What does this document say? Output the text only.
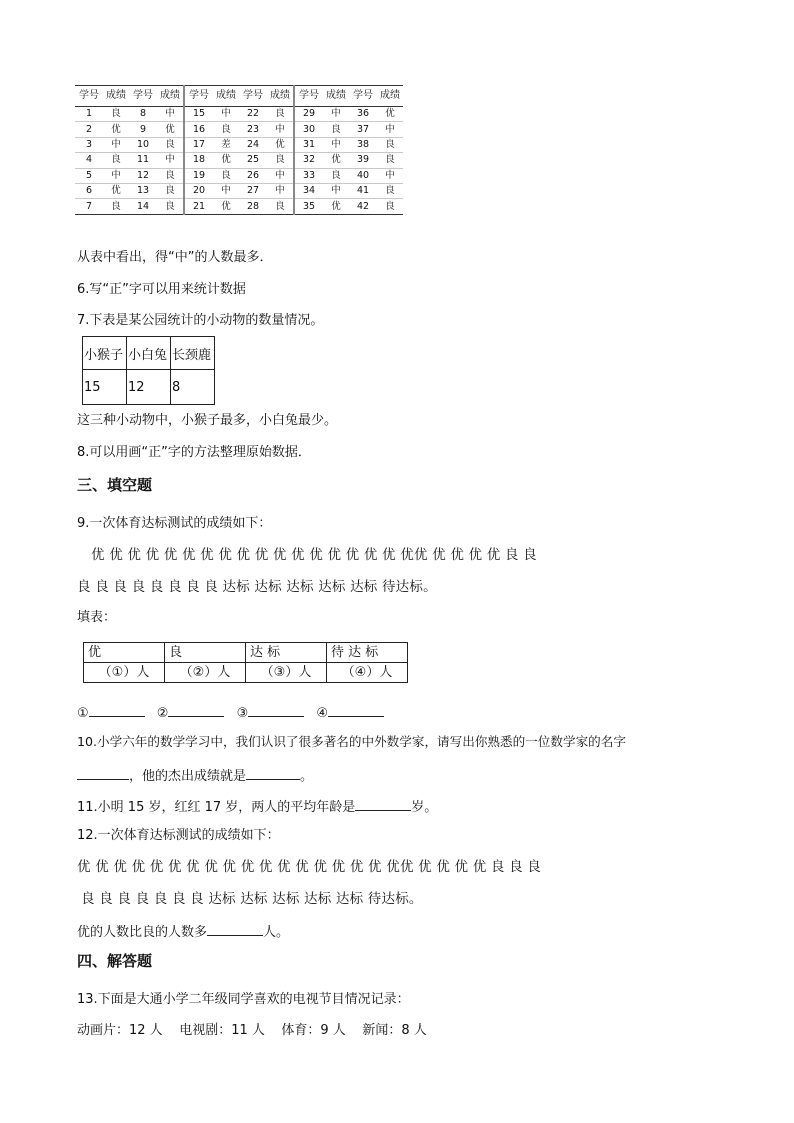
学号	成绩	学号	成绩	学号	成绩	学号	成绩	学号	成绩	学号	成绩
1	良	8	中	15	中	22	良	29	中	36	优
2	优	9	优	16	良	23	中	30	良	37	中
3	中	10	良	17	差	24	优	31	中	38	良
4	良	11	中	18	优	25	良	32	优	39	良
5	中	12	良	19	良	26	中	33	良	40	中
6	优	13	良	20	中	27	中	34	中	41	良
7	良	14	良	21	优	28	良	35	优	42	良
从表中看出，得“中”的人数最多．
6.写“正”字可以用来统计数据
7.下表是某公园统计的小动物的数量情况。
小猴子	小白兔	长颈鹿
15	12	8
这三种小动物中，小猴子最多，小白兔最少。
8.可以用画“正”字的方法整理原始数据．
三、填空题
9.一次体育达标测试的成绩如下：
优 优 优 优 优 优 优 优 优 优 优 优 优 优 优 优 优 优优 优 优 优 优 良 良
良 良 良 良 良 良 良 良 达标 达标 达标 达标 达标 待达标。
填表：
优	良	达 标	待 达 标
（①）人	（②）人	（③）人	（④）人
①	②	③	④
10.小学六年的数学学习中，我们认识了很多著名的中外数学家，请写出你熟悉的一位数学家的名字
，他的杰出成绩就是	。
11.小明 15 岁，红红 17 岁，两人的平均年龄是	岁。
12.一次体育达标测试的成绩如下：
优 优 优 优 优 优 优 优 优 优 优 优 优 优 优 优 优 优优 优 优 优 优 良 良 良
良 良 良 良 良 良 良 达标 达标 达标 达标 达标 待达标。
优的人数比良的人数多	人。
四、解答题
13.下面是大通小学二年级同学喜欢的电视节目情况记录：
动画片：12 人    电视剧：11 人    体育：9 人    新闻：8 人
